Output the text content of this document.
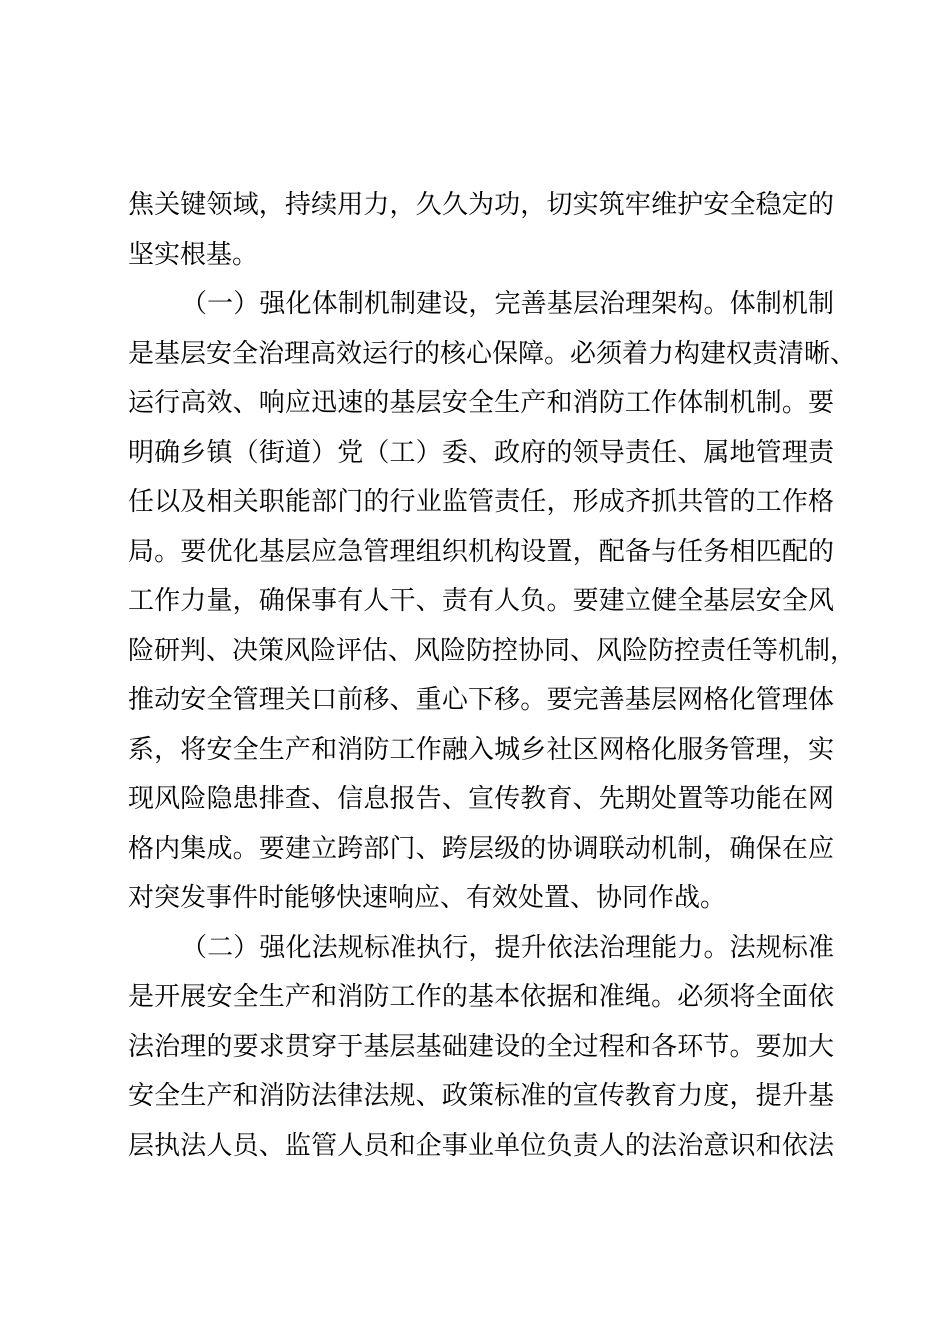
焦关键领域，持续用力，久久为功，切实筑牢维护安全稳定的
坚实根基。
（一）强化体制机制建设，完善基层治理架构。体制机制
是基层安全治理高效运行的核心保障。必须着力构建权责清晰、
运行高效、响应迅速的基层安全生产和消防工作体制机制。要
明确乡镇（街道）党（工）委、政府的领导责任、属地管理责
任以及相关职能部门的行业监管责任，形成齐抓共管的工作格
局。要优化基层应急管理组织机构设置，配备与任务相匹配的
工作力量，确保事有人干、责有人负。要建立健全基层安全风
险研判、决策风险评估、风险防控协同、风险防控责任等机制，
推动安全管理关口前移、重心下移。要完善基层网格化管理体
系，将安全生产和消防工作融入城乡社区网格化服务管理，实
现风险隐患排查、信息报告、宣传教育、先期处置等功能在网
格内集成。要建立跨部门、跨层级的协调联动机制，确保在应
对突发事件时能够快速响应、有效处置、协同作战。
（二）强化法规标准执行，提升依法治理能力。法规标准
是开展安全生产和消防工作的基本依据和准绳。必须将全面依
法治理的要求贯穿于基层基础建设的全过程和各环节。要加大
安全生产和消防法律法规、政策标准的宣传教育力度，提升基
层执法人员、监管人员和企事业单位负责人的法治意识和依法
